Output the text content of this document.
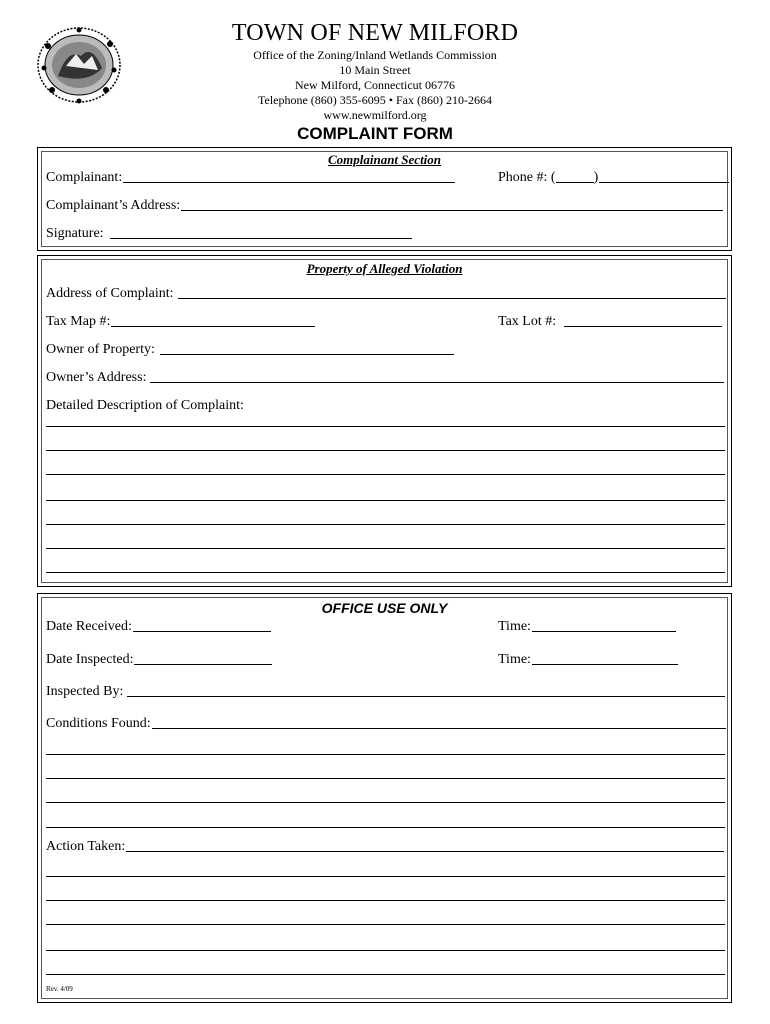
TOWN OF NEW MILFORD
Office of the Zoning/Inland Wetlands Commission
10 Main Street
New Milford, Connecticut 06776
Telephone (860) 355-6095 • Fax (860) 210-2664
www.newmilford.org
COMPLAINT FORM
Complainant Section
Complainant:	Phone #: (	)
Complainant’s Address:
Signature:
Property of Alleged Violation
Address of Complaint:
Tax Map #:	Tax Lot #:
Owner of Property:
Owner’s Address:
Detailed Description of Complaint:
OFFICE USE ONLY
Date Received:	Time:
Date Inspected:	Time:
Inspected By:
Conditions Found:
Action Taken:
Rev. 4/09
